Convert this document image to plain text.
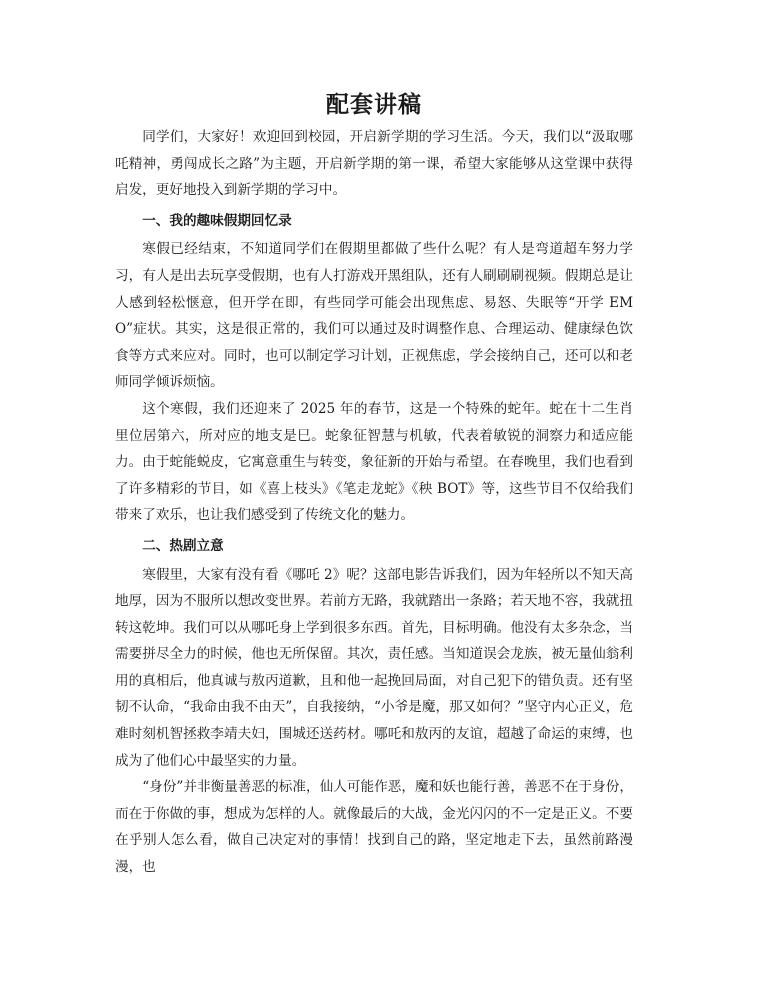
配套讲稿

同学们，大家好！欢迎回到校园，开启新学期的学习生活。今天，我们以“汲取哪吒精神，勇闯成长之路”为主题，开启新学期的第一课，希望大家能够从这堂课中获得启发，更好地投入到新学期的学习中。

一、我的趣味假期回忆录

寒假已经结束，不知道同学们在假期里都做了些什么呢？有人是弯道超车努力学习，有人是出去玩享受假期，也有人打游戏开黑组队，还有人刷刷刷视频。假期总是让人感到轻松惬意，但开学在即，有些同学可能会出现焦虑、易怒、失眠等“开学 EMO”症状。其实，这是很正常的，我们可以通过及时调整作息、合理运动、健康绿色饮食等方式来应对。同时，也可以制定学习计划，正视焦虑，学会接纳自己，还可以和老师同学倾诉烦恼。

这个寒假，我们还迎来了 2025 年的春节，这是一个特殊的蛇年。蛇在十二生肖里位居第六，所对应的地支是巳。蛇象征智慧与机敏，代表着敏锐的洞察力和适应能力。由于蛇能蜕皮，它寓意重生与转变，象征新的开始与希望。在春晚里，我们也看到了许多精彩的节目，如《喜上枝头》《笔走龙蛇》《秧 BOT》等，这些节目不仅给我们带来了欢乐，也让我们感受到了传统文化的魅力。

二、热剧立意

寒假里，大家有没有看《哪吒 2》呢？这部电影告诉我们，因为年轻所以不知天高地厚，因为不服所以想改变世界。若前方无路，我就踏出一条路；若天地不容，我就扭转这乾坤。我们可以从哪吒身上学到很多东西。首先，目标明确。他没有太多杂念，当需要拼尽全力的时候，他也无所保留。其次，责任感。当知道误会龙族，被无量仙翁利用的真相后，他真诚与敖丙道歉，且和他一起挽回局面，对自己犯下的错负责。还有坚韧不认命，“我命由我不由天”，自我接纳，“小爷是魔，那又如何？”坚守内心正义，危难时刻机智拯救李靖夫妇，围城还送药材。哪吒和敖丙的友谊，超越了命运的束缚，也成为了他们心中最坚实的力量。

“身份”并非衡量善恶的标准，仙人可能作恶，魔和妖也能行善，善恶不在于身份，而在于你做的事，想成为怎样的人。就像最后的大战，金光闪闪的不一定是正义。不要在乎别人怎么看，做自己决定对的事情！找到自己的路，坚定地走下去，虽然前路漫漫，也
